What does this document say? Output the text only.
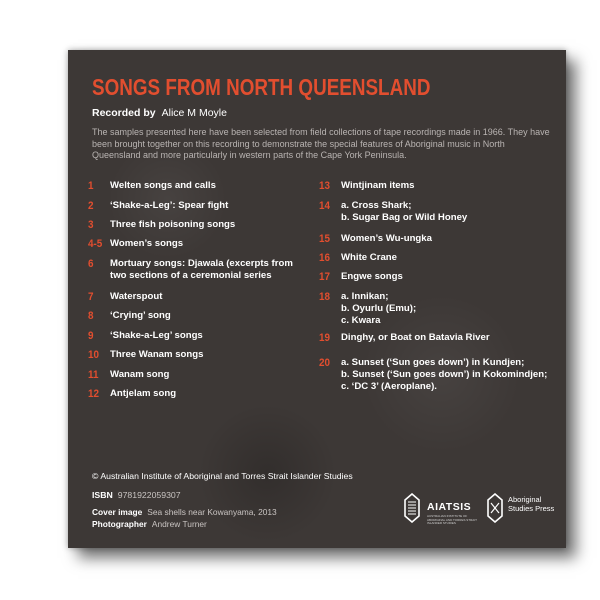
SONGS FROM NORTH QUEENSLAND
Recorded by Alice M Moyle
The samples presented here have been selected from field collections of tape recordings made in 1966. They have been brought together on this recording to demonstrate the special features of Aboriginal music in North Queensland and more particularly in western parts of the Cape York Peninsula.
1	Welten songs and calls
2	‘Shake-a-Leg’: Spear fight
3	Three fish poisoning songs
4-5 Women’s songs
6	Mortuary songs: Djawala (excerpts from two sections of a ceremonial series
7	Waterspout
8	‘Crying’ song
9	‘Shake-a-Leg’ songs
10	Three Wanam songs
11	Wanam song
12	Antjelam song
13	Wintjinam items
14	a. Cross Shark;
b. Sugar Bag or Wild Honey
15	Women’s Wu-ungka
16	White Crane
17	Engwe songs
18	a. Innikan;
b. Oyurlu (Emu);
c. Kwara
19	Dinghy, or Boat on Batavia River
20	a. Sunset (‘Sun goes down’) in Kundjen;
b. Sunset (‘Sun goes down’) in Kokomindjen;
c. ‘DC 3’ (Aeroplane).
© Australian Institute of Aboriginal and Torres Strait Islander Studies
ISBN 9781922059307
Cover image Sea shells near Kowanyama, 2013
Photographer Andrew Turner
AIATSIS
AUSTRALIAN INSTITUTE OF ABORIGINAL AND TORRES STRAIT ISLANDER STUDIES
Aboriginal Studies Press
